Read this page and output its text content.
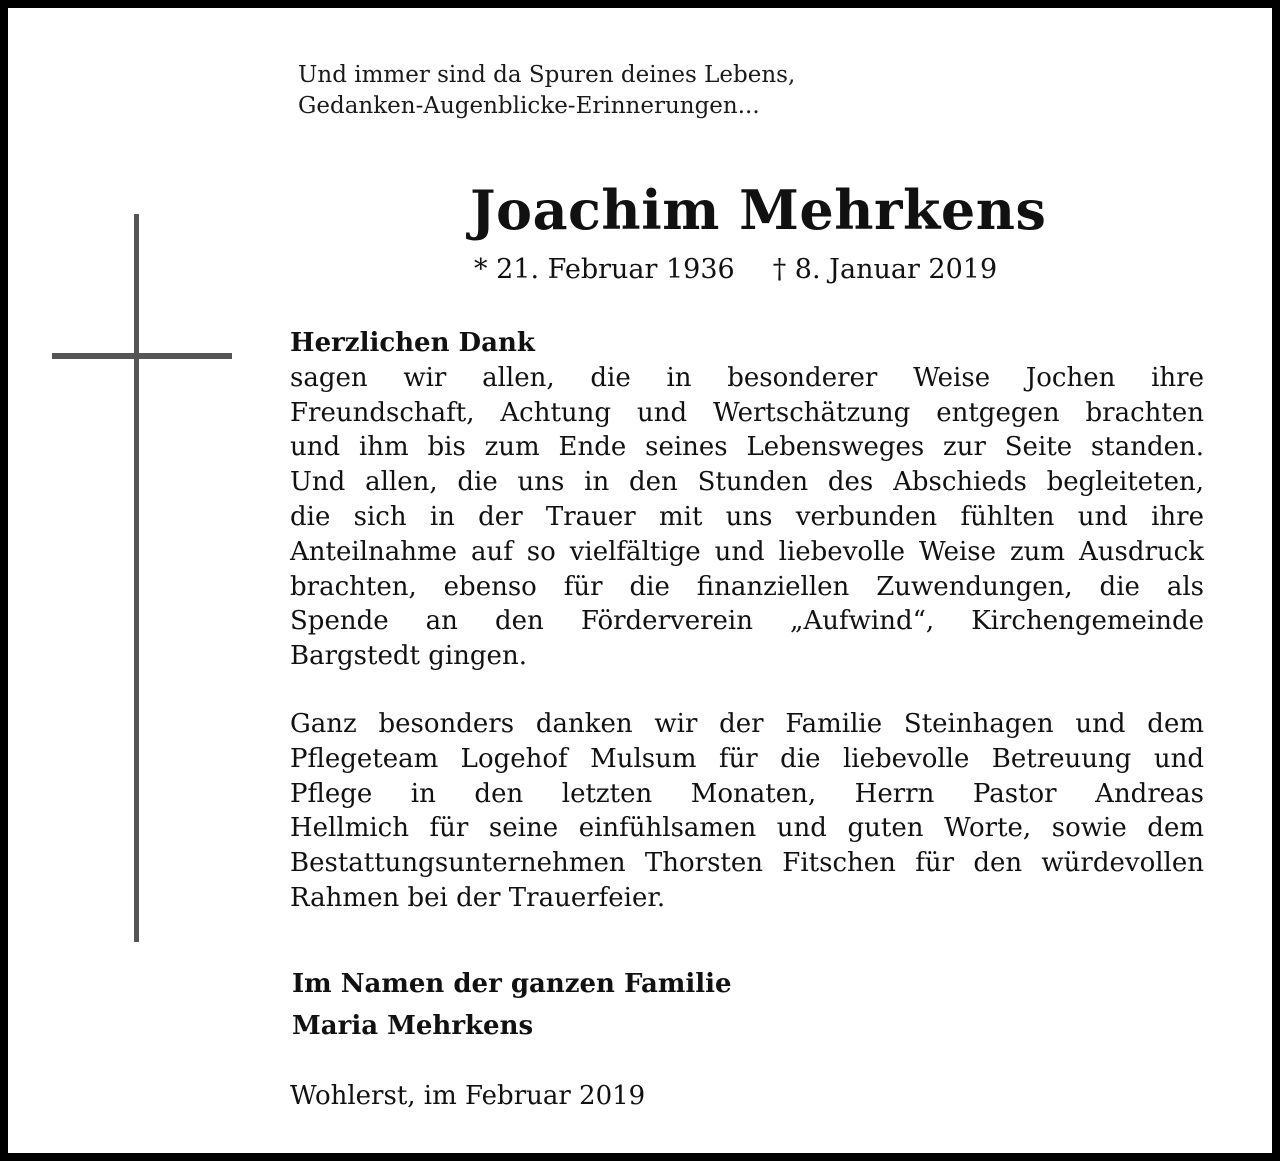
Und immer sind da Spuren deines Lebens,
Gedanken-Augenblicke-Erinnerungen...
Joachim Mehrkens
* 21. Februar 1936 † 8. Januar 2019
Herzlichen Dank
sagen wir allen, die in besonderer Weise Jochen ihre
Freundschaft, Achtung und Wertschätzung entgegen brachten
und ihm bis zum Ende seines Lebensweges zur Seite standen.
Und allen, die uns in den Stunden des Abschieds begleiteten,
die sich in der Trauer mit uns verbunden fühlten und ihre
Anteilnahme auf so vielfältige und liebevolle Weise zum Ausdruck
brachten, ebenso für die finanziellen Zuwendungen, die als
Spende an den Förderverein „Aufwind“, Kirchengemeinde
Bargstedt gingen.
Ganz besonders danken wir der Familie Steinhagen und dem
Pflegeteam Logehof Mulsum für die liebevolle Betreuung und
Pflege in den letzten Monaten, Herrn Pastor Andreas
Hellmich für seine einfühlsamen und guten Worte, sowie dem
Bestattungsunternehmen Thorsten Fitschen für den würdevollen
Rahmen bei der Trauerfeier.
Im Namen der ganzen Familie
Maria Mehrkens
Wohlerst, im Februar 2019
